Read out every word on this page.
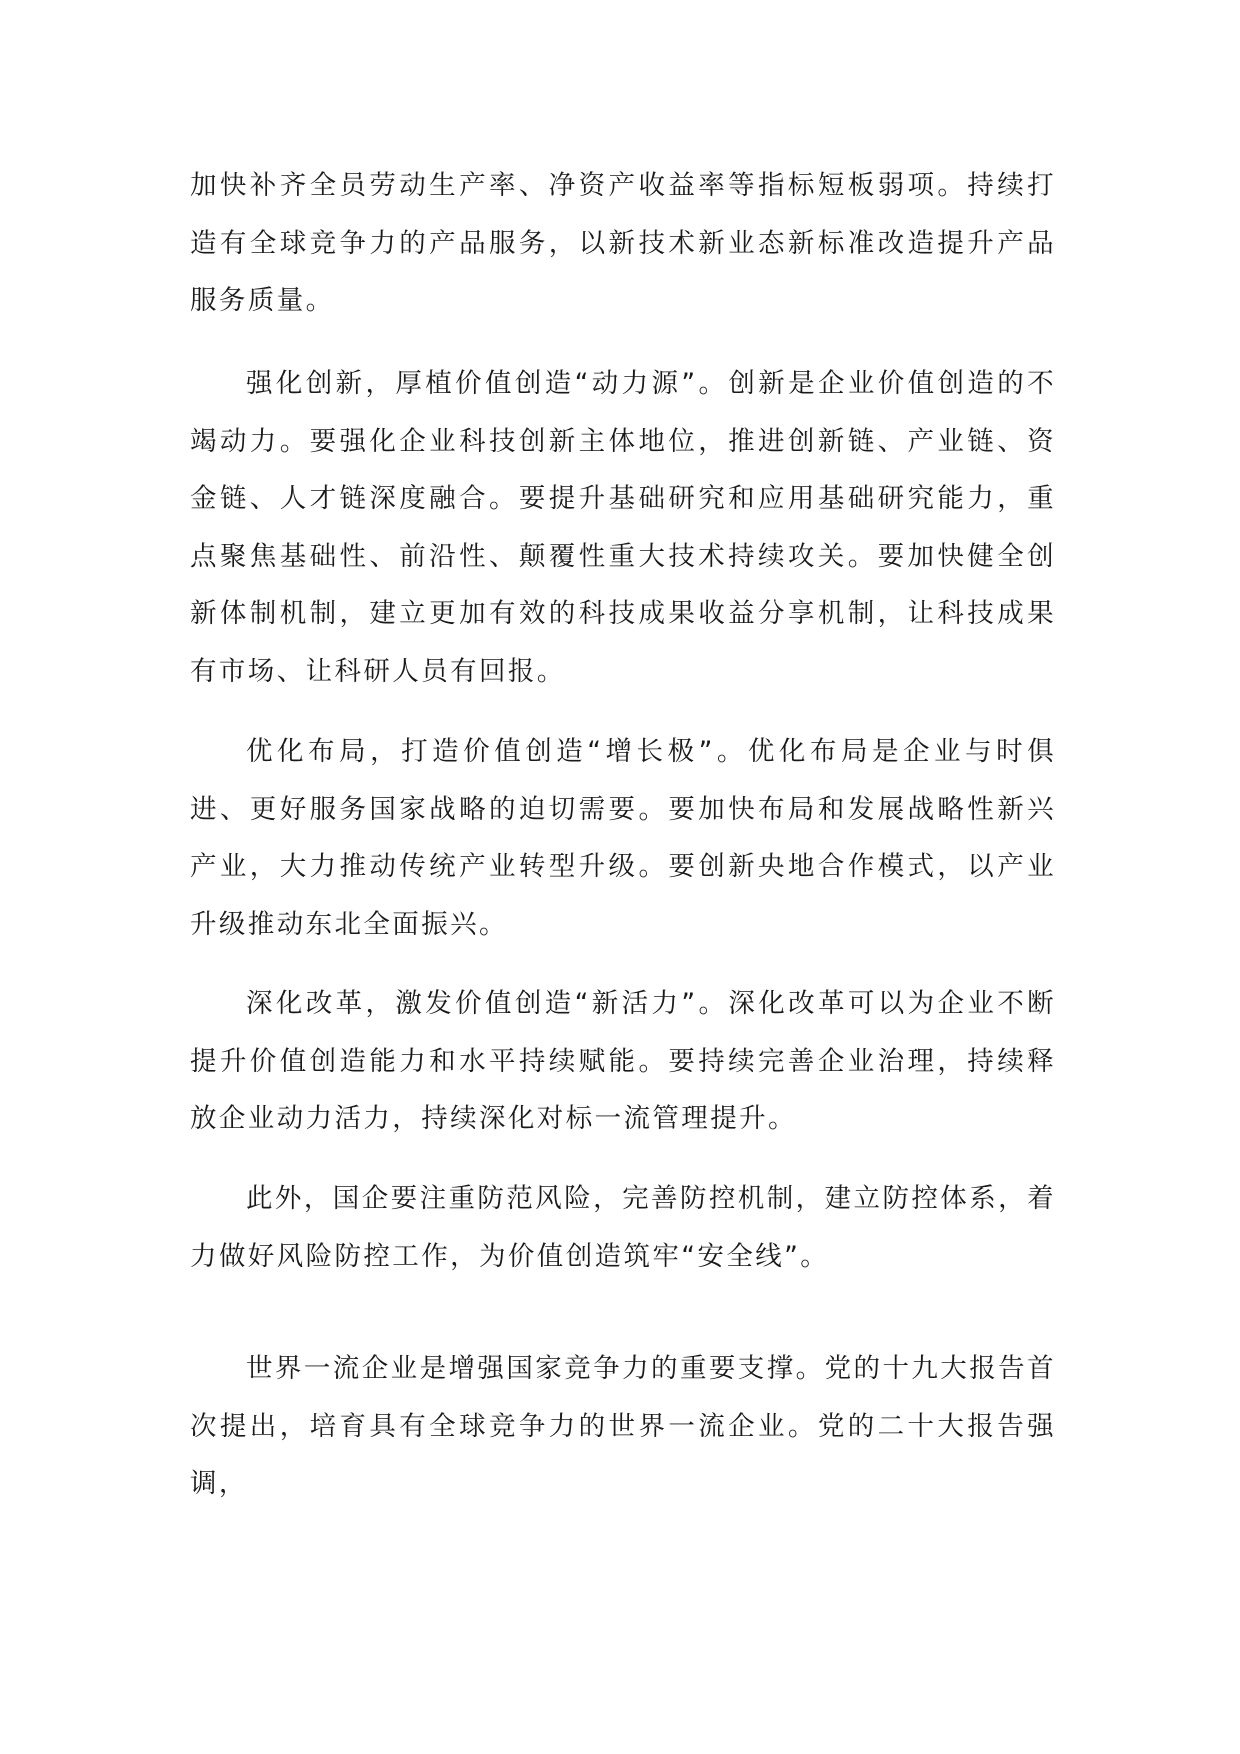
加快补齐全员劳动生产率、净资产收益率等指标短板弱项。持续打造有全球竞争力的产品服务，以新技术新业态新标准改造提升产品服务质量。

强化创新，厚植价值创造“动力源”。创新是企业价值创造的不竭动力。要强化企业科技创新主体地位，推进创新链、产业链、资金链、人才链深度融合。要提升基础研究和应用基础研究能力，重点聚焦基础性、前沿性、颠覆性重大技术持续攻关。要加快健全创新体制机制，建立更加有效的科技成果收益分享机制，让科技成果有市场、让科研人员有回报。

优化布局，打造价值创造“增长极”。优化布局是企业与时俱进、更好服务国家战略的迫切需要。要加快布局和发展战略性新兴产业，大力推动传统产业转型升级。要创新央地合作模式，以产业升级推动东北全面振兴。

深化改革，激发价值创造“新活力”。深化改革可以为企业不断提升价值创造能力和水平持续赋能。要持续完善企业治理，持续释放企业动力活力，持续深化对标一流管理提升。

此外，国企要注重防范风险，完善防控机制，建立防控体系，着力做好风险防控工作，为价值创造筑牢“安全线”。

世界一流企业是增强国家竞争力的重要支撑。党的十九大报告首次提出，培育具有全球竞争力的世界一流企业。党的二十大报告强调，
